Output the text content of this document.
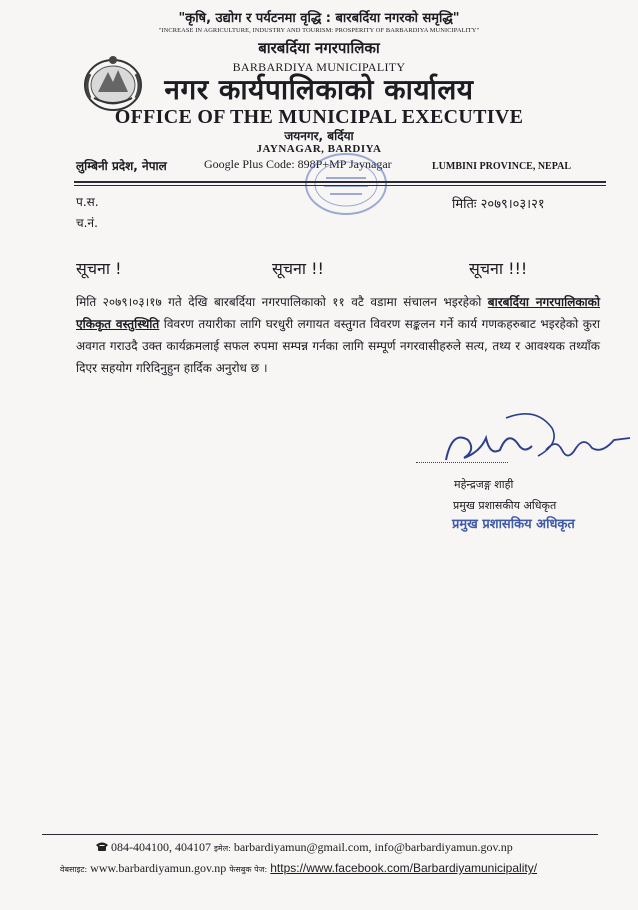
"कृषि, उद्योग र पर्यटनमा वृद्धि : बारबर्दिया नगरको समृद्धि"
"INCREASE IN AGRICULTURE, INDUSTRY AND TOURISM: PROSPERITY OF BARBARDIYA MUNICIPALITY"
बारबर्दिया नगरपालिका
BARBARDIYA MUNICIPALITY
नगर कार्यपालिकाको कार्यालय
OFFICE OF THE MUNICIPAL EXECUTIVE
जयनगर, बर्दिया
JAYNAGAR, BARDIYA
लुम्बिनी प्रदेश, नेपाल	Google Plus Code: 898P+MP Jaynagar	LUMBINI PROVINCE, NEPAL
प.स.
च.नं.
मितिः २०७९।०३।२१
सूचना !	सूचना !!	सूचना !!!

मिति २०७९।०३।१७ गते देखि बारबर्दिया नगरपालिकाको ११ वटै वडामा संचालन भइरहेको बारबर्दिया नगरपालिकाको एकिकृत वस्तुस्थिति विवरण तयारीका लागि घरधुरी लगायत वस्तुगत विवरण सङ्कलन गर्ने कार्य गणकहरुबाट भइरहेको कुरा अवगत गराउदै उक्त कार्यक्रमलाई सफल रुपमा सम्पन्न गर्नका लागि सम्पूर्ण नगरवासीहरुले सत्य, तथ्य र आवश्यक तथ्याँक दिएर सहयोग गरिदिनुहुन हार्दिक अनुरोध छ ।

महेन्द्रजङ्ग शाही
प्रमुख प्रशासकीय अधिकृत
प्रमुख प्रशासकिय अधिकृत
084-404100, 404107 इमेल: barbardiyamun@gmail.com, info@barbardiyamun.gov.np
वेबसाइट: www.barbardiyamun.gov.np फेसबुक पेज: https://www.facebook.com/Barbardiyamunicipality/
